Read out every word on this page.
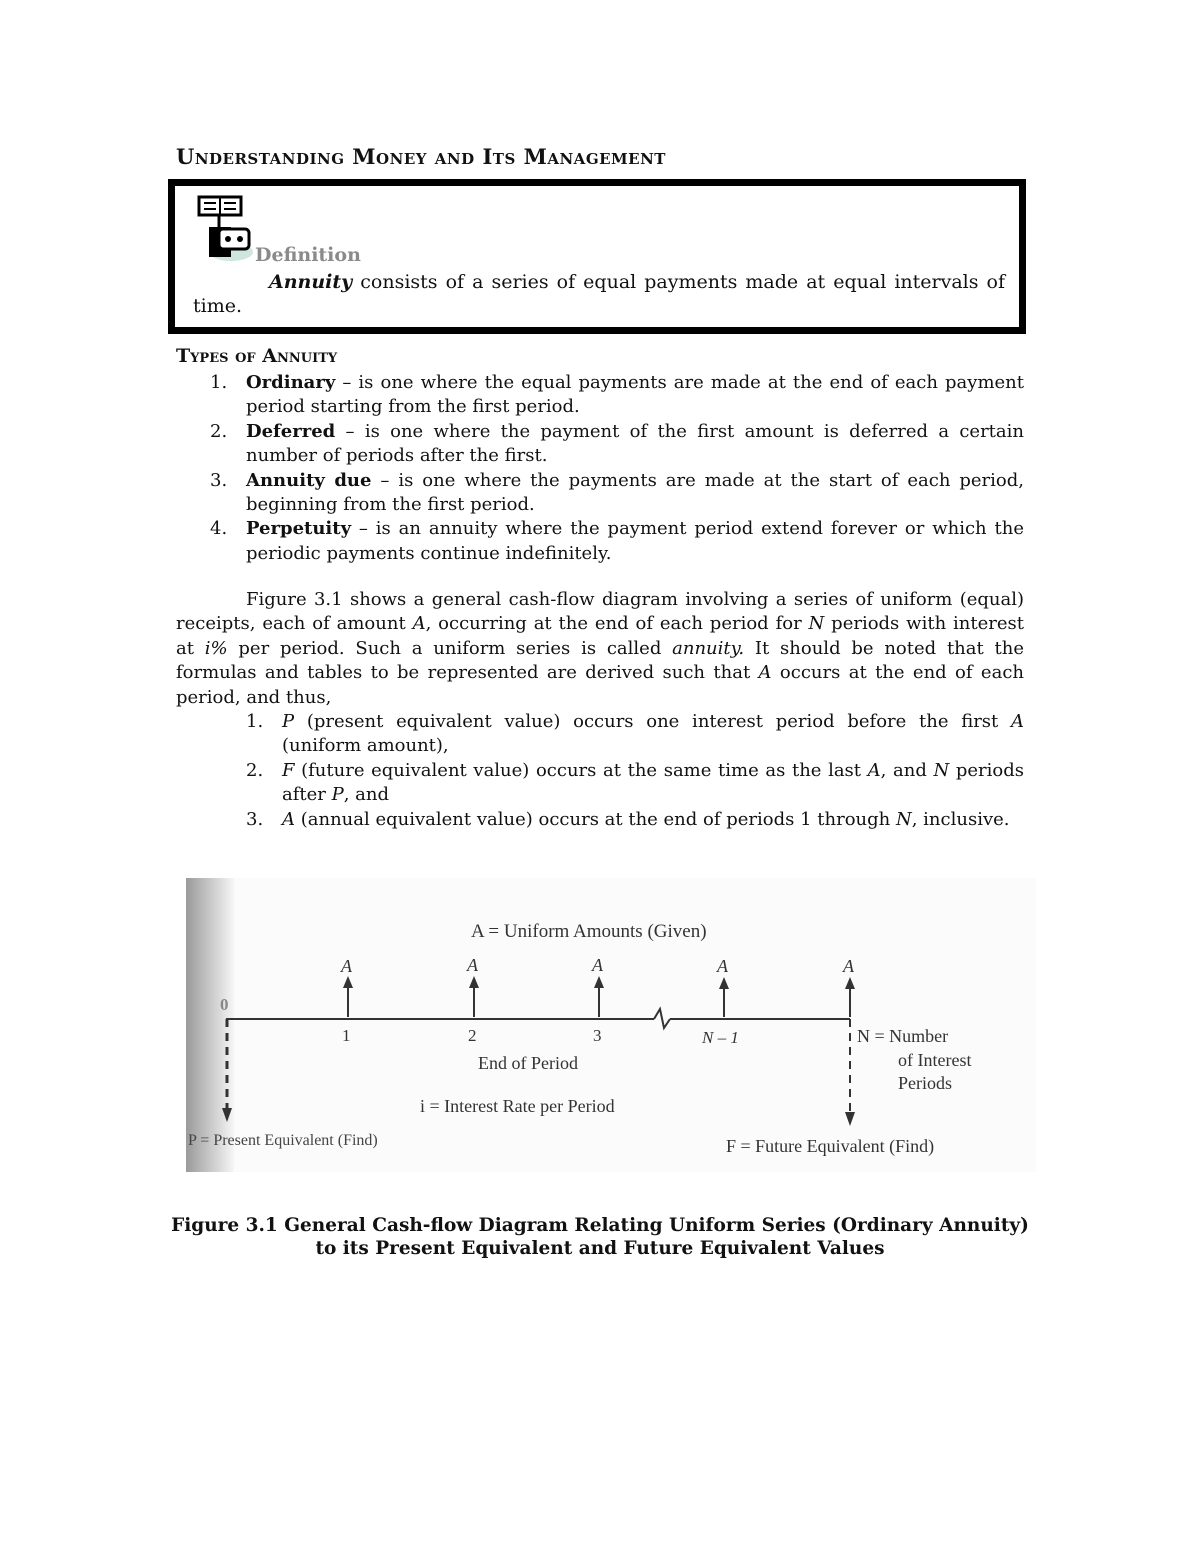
Understanding Money and Its Management
Definition
Annuity consists of a series of equal payments made at equal intervals of time.
Types of Annuity
1. Ordinary – is one where the equal payments are made at the end of each payment period starting from the first period.
2. Deferred – is one where the payment of the first amount is deferred a certain number of periods after the first.
3. Annuity due – is one where the payments are made at the start of each period, beginning from the first period.
4. Perpetuity – is an annuity where the payment period extend forever or which the periodic payments continue indefinitely.

Figure 3.1 shows a general cash-flow diagram involving a series of uniform (equal) receipts, each of amount A, occurring at the end of each period for N periods with interest at i% per period. Such a uniform series is called annuity. It should be noted that the formulas and tables to be represented are derived such that A occurs at the end of each period, and thus,

1. P (present equivalent value) occurs one interest period before the first A (uniform amount),
2. F (future equivalent value) occurs at the same time as the last A, and N periods after P, and
3. A (annual equivalent value) occurs at the end of periods 1 through N, inclusive.
A = Uniform Amounts (Given)
0
A	A	A	A	A
1	2	3	N – 1
End of Period
N = Number
of Interest
Periods
i = Interest Rate per Period
P = Present Equivalent (Find)	F = Future Equivalent (Find)
Figure 3.1 General Cash-flow Diagram Relating Uniform Series (Ordinary Annuity)
to its Present Equivalent and Future Equivalent Values
